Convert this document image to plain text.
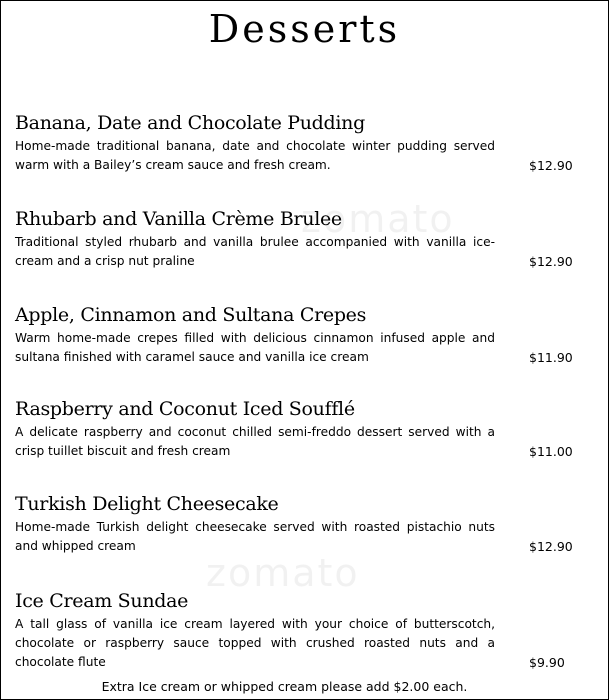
Desserts
zomato
zomato
Banana, Date and Chocolate Pudding
Home-made traditional banana, date and chocolate winter pudding served warm with a Bailey’s cream sauce and fresh cream.	$12.90
Rhubarb and Vanilla Crème Brulee
Traditional styled rhubarb and vanilla brulee accompanied with vanilla ice-cream and a crisp nut praline	$12.90
Apple, Cinnamon and Sultana Crepes
Warm home-made crepes filled with delicious cinnamon infused apple and sultana finished with caramel sauce and vanilla ice cream	$11.90
Raspberry and Coconut Iced Soufflé
A delicate raspberry and coconut chilled semi-freddo dessert served with a crisp tuillet biscuit and fresh cream	$11.00
Turkish Delight Cheesecake
Home-made Turkish delight cheesecake served with roasted pistachio nuts and whipped cream	$12.90
Ice Cream Sundae
A tall glass of vanilla ice cream layered with your choice of butterscotch, chocolate or raspberry sauce topped with crushed roasted nuts and a chocolate flute	$9.90
Extra Ice cream or whipped cream please add $2.00 each.
